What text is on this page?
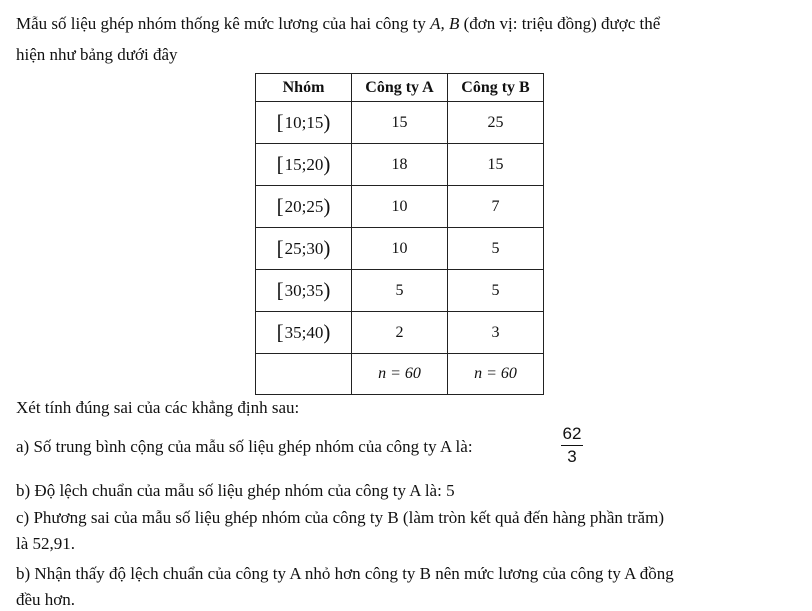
Mẫu số liệu ghép nhóm thống kê mức lương của hai công ty A, B (đơn vị: triệu đồng) được thể
hiện như bảng dưới đây
Nhóm	Công ty A	Công ty B
[10;15)	15	25
[15;20)	18	15
[20;25)	10	7
[25;30)	10	5
[30;35)	5	5
[35;40)	2	3
	n = 60	n = 60
Xét tính đúng sai của các khẳng định sau:
a) Số trung bình cộng của mẫu số liệu ghép nhóm của công ty A là:
62
3
b) Độ lệch chuẩn của mẫu số liệu ghép nhóm của công ty A là: 5
c) Phương sai của mẫu số liệu ghép nhóm của công ty B (làm tròn kết quả đến hàng phần trăm)
là 52,91.
b) Nhận thấy độ lệch chuẩn của công ty A nhỏ hơn công ty B nên mức lương của công ty A đồng
đều hơn.
